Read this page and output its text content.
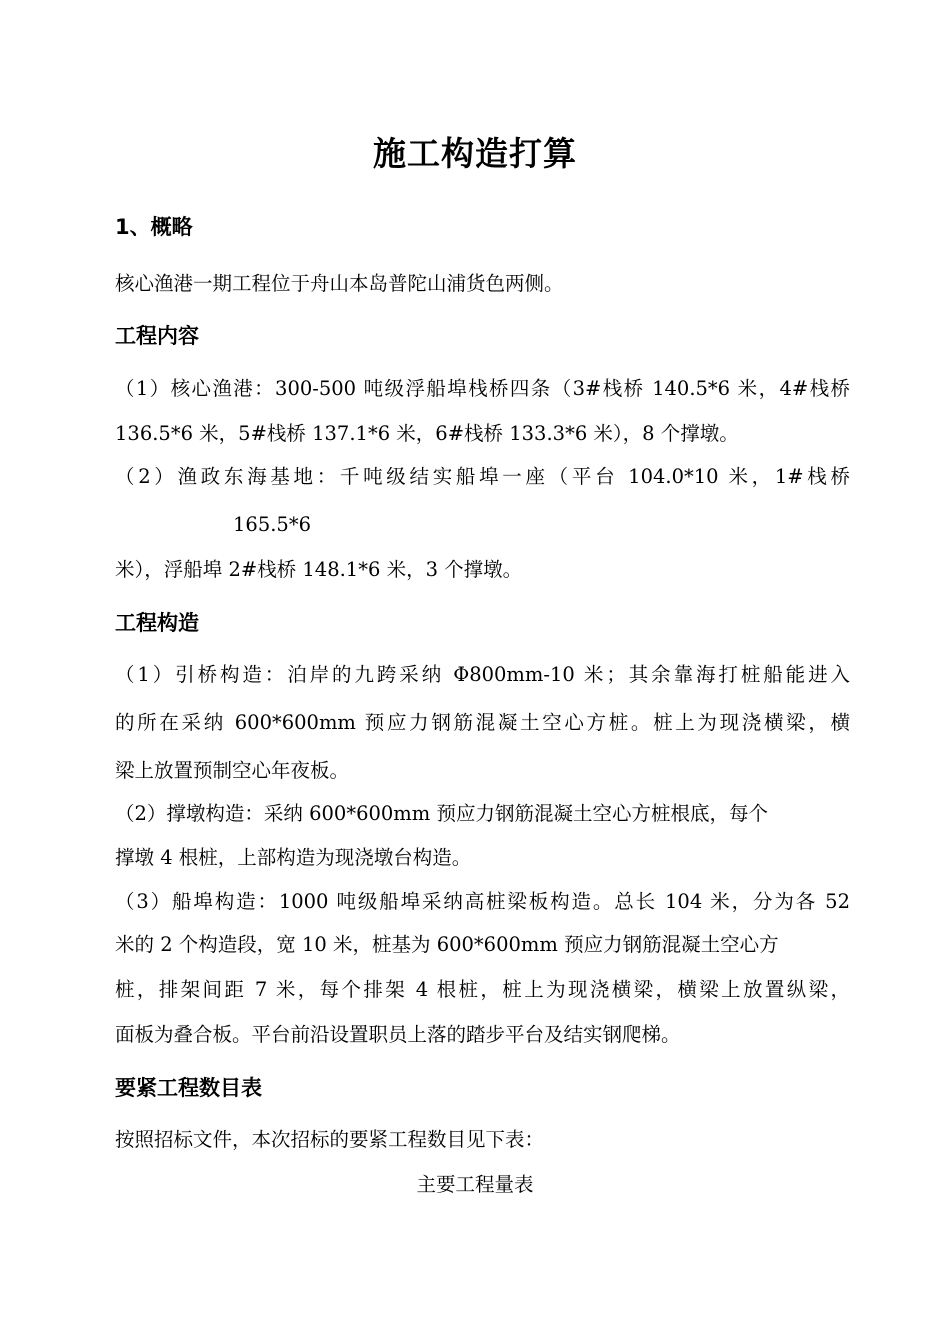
施工构造打算
1、概略
核心渔港一期工程位于舟山本岛普陀山浦货色两侧。
工程内容
（1）核心渔港：300-500 吨级浮船埠栈桥四条（3#栈桥 140.5*6 米，4#栈桥
136.5*6 米，5#栈桥 137.1*6 米，6#栈桥 133.3*6 米），8 个撑墩。
（2）渔政东海基地：千吨级结实船埠一座（平台 104.0*10 米，1#栈桥
165.5*6
米），浮船埠 2#栈桥 148.1*6 米，3 个撑墩。
工程构造
（1）引桥构造：泊岸的九跨采纳 Φ800mm-10 米；其余靠海打桩船能进入
的所在采纳 600*600mm 预应力钢筋混凝土空心方桩。桩上为现浇横梁，横
梁上放置预制空心年夜板。
（2）撑墩构造：采纳 600*600mm 预应力钢筋混凝土空心方桩根底，每个
撑墩 4 根桩，上部构造为现浇墩台构造。
（3）船埠构造：1000 吨级船埠采纳高桩梁板构造。总长 104 米，分为各 52
米的 2 个构造段，宽 10 米，桩基为 600*600mm 预应力钢筋混凝土空心方
桩，排架间距 7 米，每个排架 4 根桩，桩上为现浇横梁，横梁上放置纵梁，
面板为叠合板。平台前沿设置职员上落的踏步平台及结实钢爬梯。
要紧工程数目表
按照招标文件，本次招标的要紧工程数目见下表：
主要工程量表
